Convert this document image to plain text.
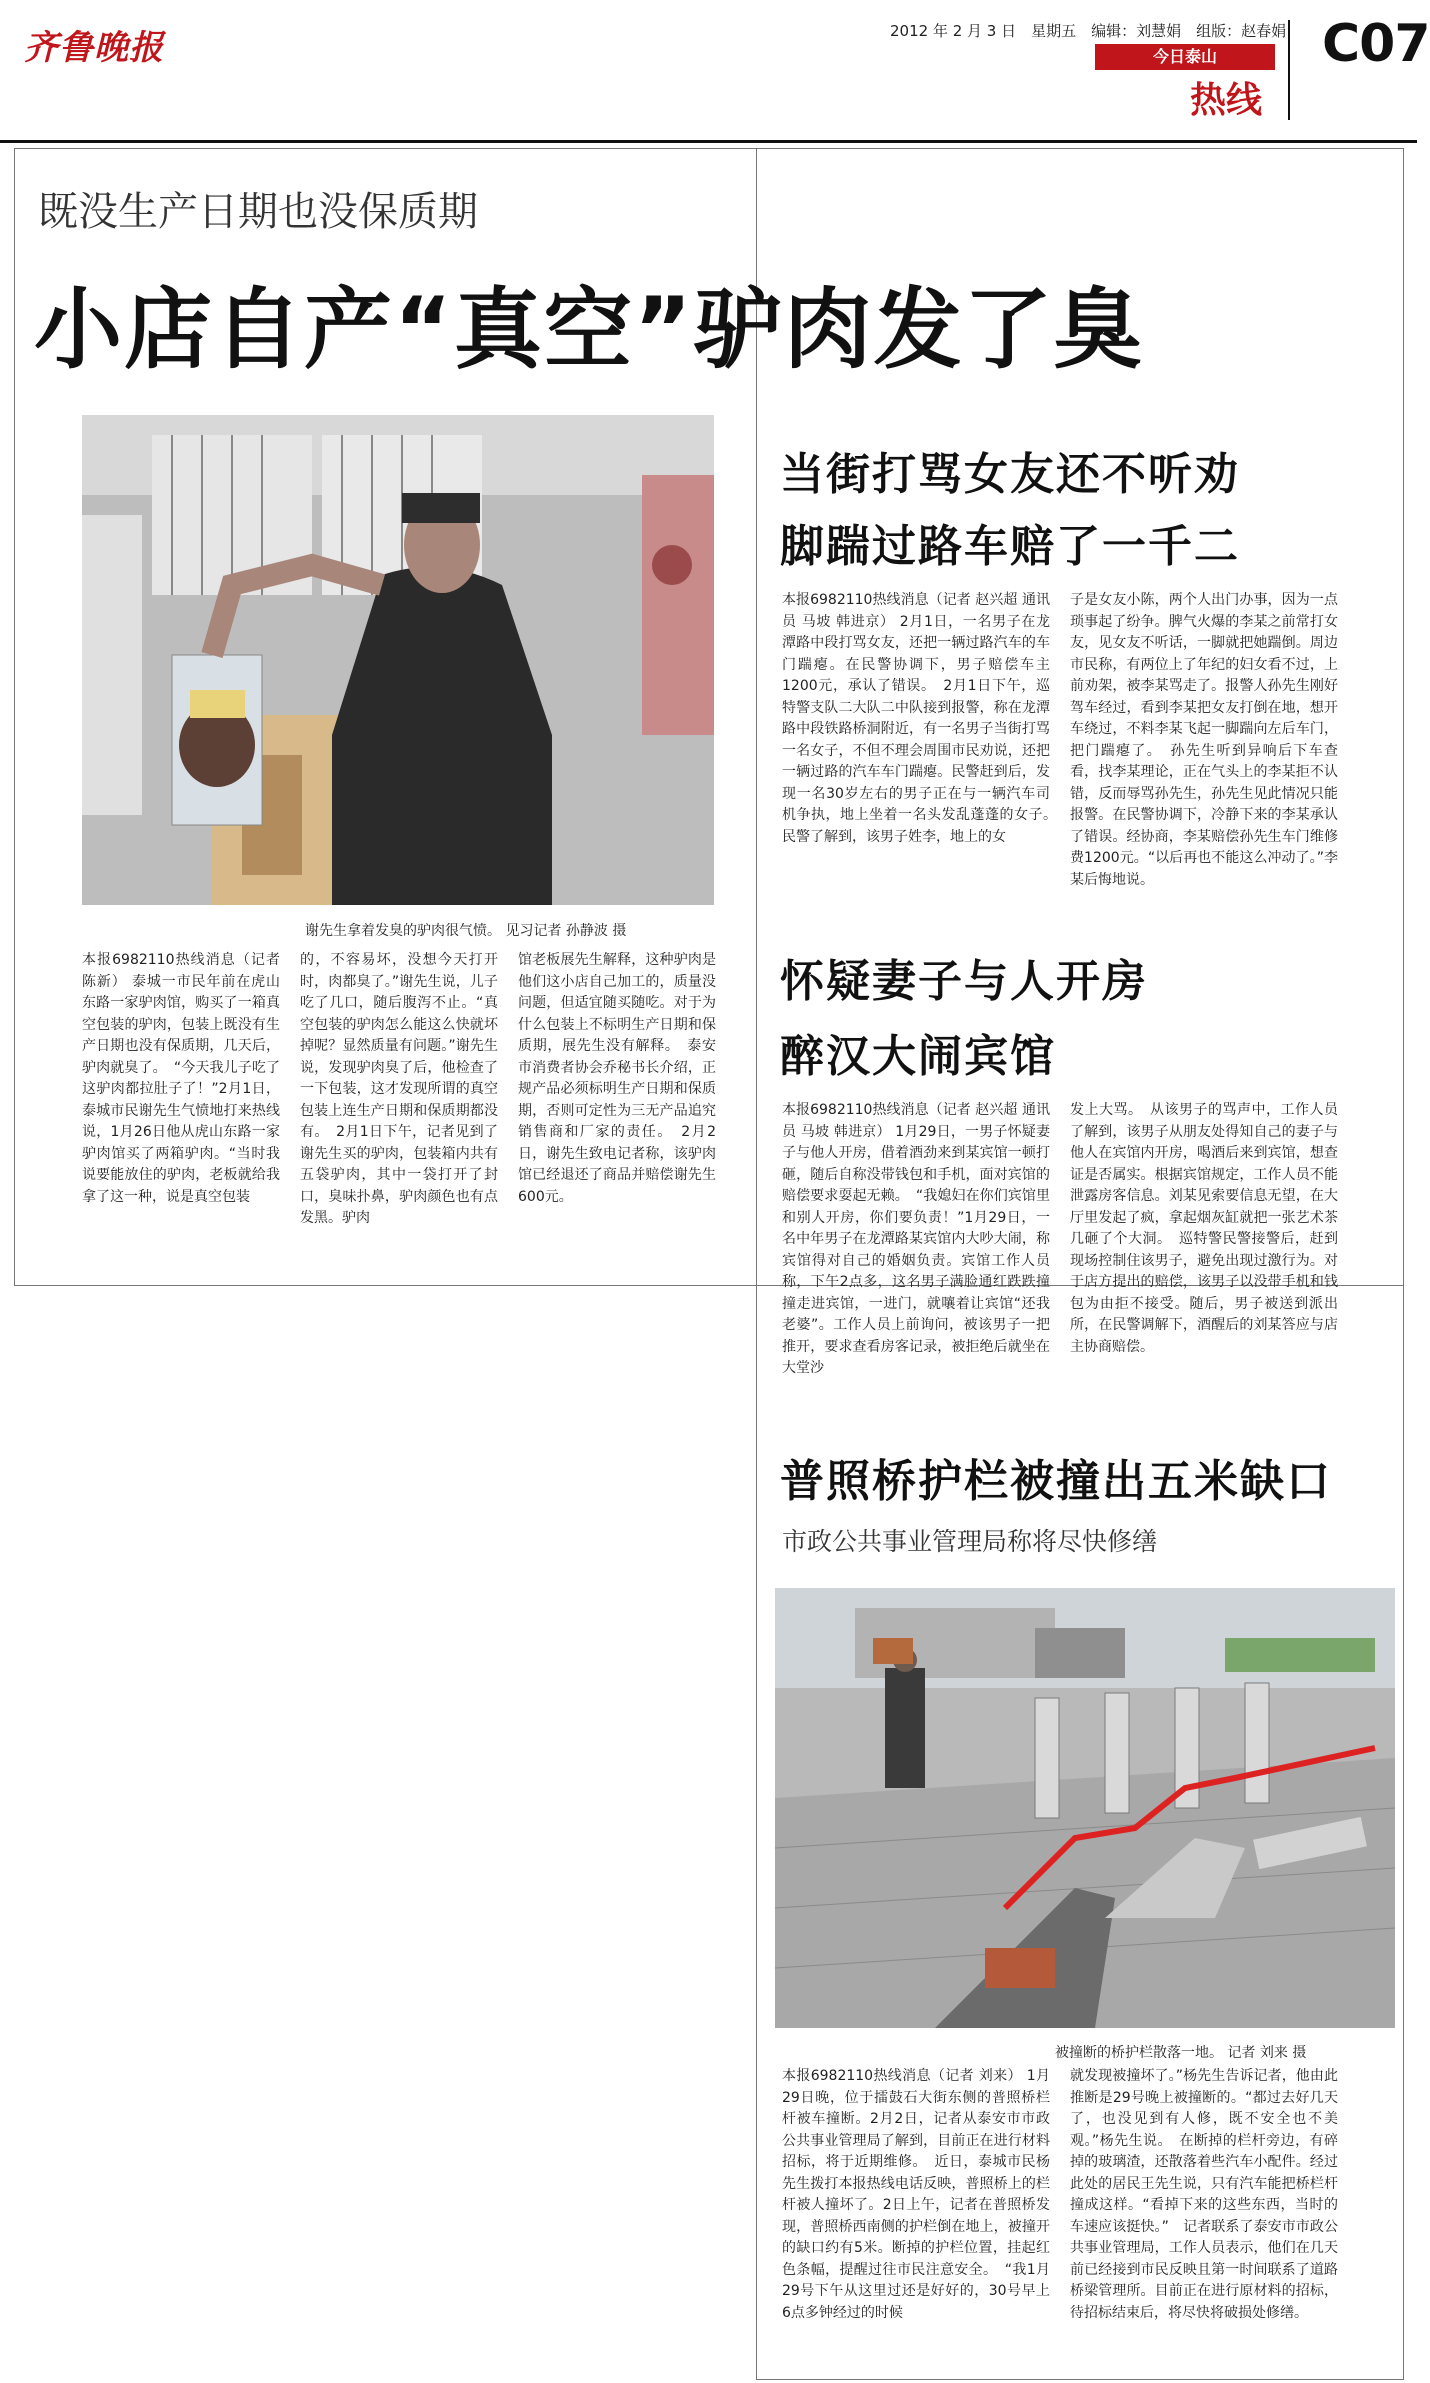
齐鲁晚报	2012 年 2 月 3 日　星期五　编辑：刘慧娟　组版：赵春娟
今日泰山
热线
C07
既没生产日期也没保质期
小店自产“真空”驴肉发了臭
谢先生拿着发臭的驴肉很气愤。 见习记者 孙静波 摄
本报6982110热线消息（记者 陈新） 泰城一市民年前在虎山东路一家驴肉馆，购买了一箱真空包装的驴肉，包装上既没有生产日期也没有保质期，几天后，驴肉就臭了。　“今天我儿子吃了这驴肉都拉肚子了！”2月1日，泰城市民谢先生气愤地打来热线说，1月26日他从虎山东路一家驴肉馆买了两箱驴肉。“当时我说要能放住的驴肉，老板就给我拿了这一种，说是真空包装
的，不容易坏，没想今天打开时，肉都臭了。”谢先生说，儿子吃了几口，随后腹泻不止。“真空包装的驴肉怎么能这么快就坏掉呢？显然质量有问题。”谢先生说，发现驴肉臭了后，他检查了一下包装，这才发现所谓的真空包装上连生产日期和保质期都没有。　2月1日下午，记者见到了谢先生买的驴肉，包装箱内共有五袋驴肉，其中一袋打开了封口，臭味扑鼻，驴肉颜色也有点发黑。驴肉
馆老板展先生解释，这种驴肉是他们这小店自己加工的，质量没问题，但适宜随买随吃。对于为什么包装上不标明生产日期和保质期，展先生没有解释。　泰安市消费者协会乔秘书长介绍，正规产品必须标明生产日期和保质期，否则可定性为三无产品追究销售商和厂家的责任。　2月2日，谢先生致电记者称，该驴肉馆已经退还了商品并赔偿谢先生600元。
当街打骂女友还不听劝
脚踹过路车赔了一千二
本报6982110热线消息（记者 赵兴超 通讯员 马坡 韩进京） 2月1日，一名男子在龙潭路中段打骂女友，还把一辆过路汽车的车门踹瘪。在民警协调下，男子赔偿车主1200元，承认了错误。　2月1日下午，巡特警支队二大队二中队接到报警，称在龙潭路中段铁路桥洞附近，有一名男子当街打骂一名女子，不但不理会周围市民劝说，还把一辆过路的汽车车门踹瘪。民警赶到后，发现一名30岁左右的男子正在与一辆汽车司机争执，地上坐着一名头发乱蓬蓬的女子。　民警了解到，该男子姓李，地上的女
子是女友小陈，两个人出门办事，因为一点琐事起了纷争。脾气火爆的李某之前常打女友，见女友不听话，一脚就把她踹倒。周边市民称，有两位上了年纪的妇女看不过，上前劝架，被李某骂走了。报警人孙先生刚好驾车经过，看到李某把女友打倒在地，想开车绕过，不料李某飞起一脚踹向左后车门，把门踹瘪了。　孙先生听到异响后下车查看，找李某理论，正在气头上的李某拒不认错，反而辱骂孙先生，孙先生见此情况只能报警。在民警协调下，冷静下来的李某承认了错误。经协商，李某赔偿孙先生车门维修费1200元。“以后再也不能这么冲动了。”李某后悔地说。
怀疑妻子与人开房
醉汉大闹宾馆
本报6982110热线消息（记者 赵兴超 通讯员 马坡 韩进京） 1月29日，一男子怀疑妻子与他人开房，借着酒劲来到某宾馆一顿打砸，随后自称没带钱包和手机，面对宾馆的赔偿要求耍起无赖。　“我媳妇在你们宾馆里和别人开房，你们要负责！”1月29日，一名中年男子在龙潭路某宾馆内大吵大闹，称宾馆得对自己的婚姻负责。宾馆工作人员称，下午2点多，这名男子满脸通红跌跌撞撞走进宾馆，一进门，就嚷着让宾馆“还我老婆”。工作人员上前询问，被该男子一把推开，要求查看房客记录，被拒绝后就坐在大堂沙
发上大骂。　从该男子的骂声中，工作人员了解到，该男子从朋友处得知自己的妻子与他人在宾馆内开房，喝酒后来到宾馆，想查证是否属实。根据宾馆规定，工作人员不能泄露房客信息。刘某见索要信息无望，在大厅里发起了疯，拿起烟灰缸就把一张艺术茶几砸了个大洞。　巡特警民警接警后，赶到现场控制住该男子，避免出现过激行为。对于店方提出的赔偿，该男子以没带手机和钱包为由拒不接受。随后，男子被送到派出所，在民警调解下，酒醒后的刘某答应与店主协商赔偿。
普照桥护栏被撞出五米缺口
市政公共事业管理局称将尽快修缮
被撞断的桥护栏散落一地。 记者 刘来 摄
本报6982110热线消息（记者 刘来） 1月29日晚，位于擂鼓石大街东侧的普照桥栏杆被车撞断。2月2日，记者从泰安市市政公共事业管理局了解到，目前正在进行材料招标，将于近期维修。　近日，泰城市民杨先生拨打本报热线电话反映，普照桥上的栏杆被人撞坏了。2日上午，记者在普照桥发现，普照桥西南侧的护栏倒在地上，被撞开的缺口约有5米。断掉的护栏位置，挂起红色条幅，提醒过往市民注意安全。　“我1月29号下午从这里过还是好好的，30号早上6点多钟经过的时候
就发现被撞坏了。”杨先生告诉记者，他由此推断是29号晚上被撞断的。“都过去好几天了，也没见到有人修，既不安全也不美观。”杨先生说。　在断掉的栏杆旁边，有碎掉的玻璃渣，还散落着些汽车小配件。经过此处的居民王先生说，只有汽车能把桥栏杆撞成这样。“看掉下来的这些东西，当时的车速应该挺快。”　记者联系了泰安市市政公共事业管理局，工作人员表示，他们在几天前已经接到市民反映且第一时间联系了道路桥梁管理所。目前正在进行原材料的招标，待招标结束后，将尽快将破损处修缮。
